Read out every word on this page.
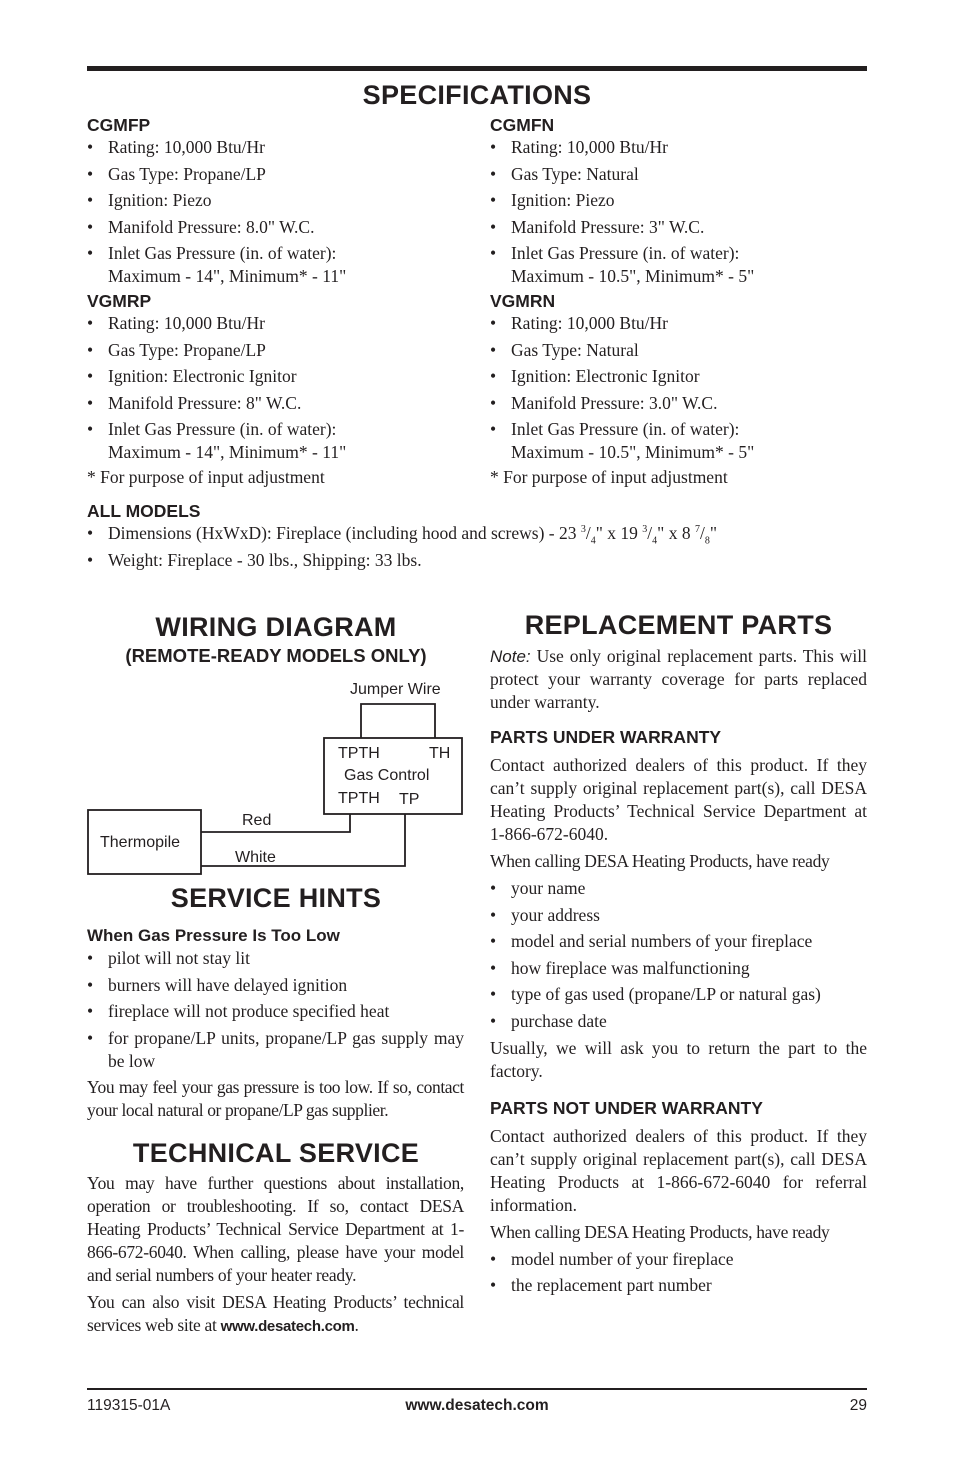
SPECIFICATIONS
CGMFP
• Rating: 10,000 Btu/Hr
• Gas Type: Propane/LP
• Ignition: Piezo
• Manifold Pressure: 8.0" W.C.
• Inlet Gas Pressure (in. of water):
Maximum - 14", Minimum* - 11"
VGMRP
• Rating: 10,000 Btu/Hr
• Gas Type: Propane/LP
• Ignition: Electronic Ignitor
• Manifold Pressure: 8" W.C.
• Inlet Gas Pressure (in. of water):
Maximum - 14", Minimum* - 11"

* For purpose of input adjustment

CGMFN
• Rating: 10,000 Btu/Hr
• Gas Type: Natural
• Ignition: Piezo
• Manifold Pressure: 3" W.C.
• Inlet Gas Pressure (in. of water):
Maximum - 10.5", Minimum* - 5"
VGMRN
• Rating: 10,000 Btu/Hr
• Gas Type: Natural
• Ignition: Electronic Ignitor
• Manifold Pressure: 3.0" W.C.
• Inlet Gas Pressure (in. of water):
Maximum - 10.5", Minimum* - 5"

* For purpose of input adjustment

ALL MODELS
• Dimensions (HxWxD): Fireplace (including hood and screws) - 23 $^3/_4$" x 19 $^3/_4$" x 8 $^7/_8$"
• Weight: Fireplace - 30 lbs., Shipping: 33 lbs.
WIRING DIAGRAM
(REMOTE-READY MODELS ONLY)
Jumper Wire
TPTH	TH
Gas Control
TPTH TP
Red
Thermopile
White
SERVICE HINTS
When Gas Pressure Is Too Low
• pilot will not stay lit
• burners will have delayed ignition
• fireplace will not produce specified heat
• for propane/LP units, propane/LP gas supply may be low

You may feel your gas pressure is too low. If so, contact your local natural or propane/LP gas supplier.

TECHNICAL SERVICE

You may have further questions about installation, operation or troubleshooting. If so, contact DESA Heating Products’ Technical Service Department at 1-866-672-6040. When calling, please have your model and serial numbers of your heater ready.

You can also visit DESA Heating Products’ technical services web site at www.desatech.com.

REPLACEMENT PARTS

Note: Use only original replacement parts. This will protect your warranty coverage for parts replaced under warranty.

PARTS UNDER WARRANTY

Contact authorized dealers of this product. If they can’t supply original replacement part(s), call DESA Heating Products’ Technical Service Department at 1-866-672-6040.

When calling DESA Heating Products, have ready

• your name
• your address
• model and serial numbers of your fireplace
• how fireplace was malfunctioning
• type of gas used (propane/LP or natural gas)
• purchase date

Usually, we will ask you to return the part to the factory.

PARTS NOT UNDER WARRANTY

Contact authorized dealers of this product. If they can’t supply original replacement part(s), call DESA Heating Products at 1-866-672-6040 for referral information.

When calling DESA Heating Products, have ready

• model number of your fireplace
• the replacement part number
119315-01A	www.desatech.com	29
